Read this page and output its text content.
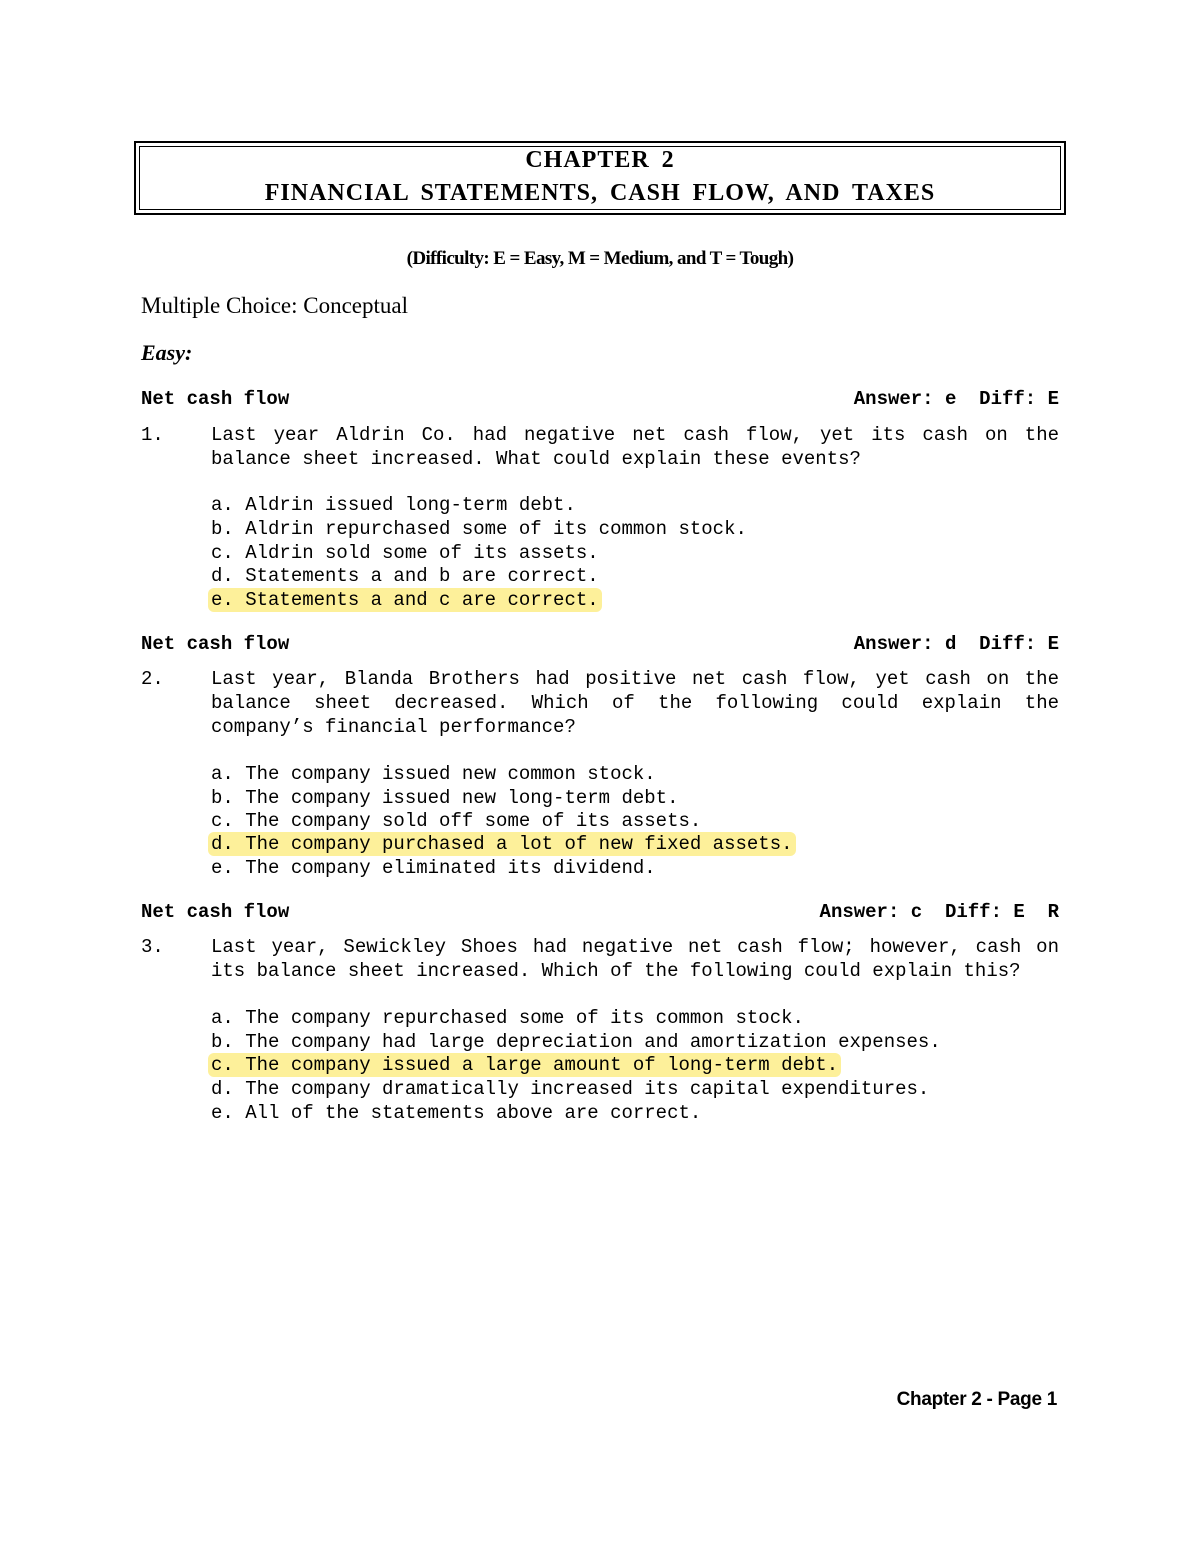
CHAPTER 2
FINANCIAL STATEMENTS, CASH FLOW, AND TAXES
(Difficulty: E = Easy, M = Medium, and T = Tough)
Multiple Choice: Conceptual
Easy:
Net cash flow	Answer: e  Diff: E
1. Last year Aldrin Co. had negative net cash flow, yet its cash on the
balance sheet increased. What could explain these events?
a. Aldrin issued long-term debt.
b. Aldrin repurchased some of its common stock.
c. Aldrin sold some of its assets.
d. Statements a and b are correct.
e. Statements a and c are correct.
Net cash flow	Answer: d  Diff: E
2. Last year, Blanda Brothers had positive net cash flow, yet cash on the
balance sheet decreased. Which of the following could explain the
company’s financial performance?
a. The company issued new common stock.
b. The company issued new long-term debt.
c. The company sold off some of its assets.
d. The company purchased a lot of new fixed assets.
e. The company eliminated its dividend.
Net cash flow	Answer: c  Diff: E  R
3. Last year, Sewickley Shoes had negative net cash flow; however, cash on
its balance sheet increased. Which of the following could explain this?
a. The company repurchased some of its common stock.
b. The company had large depreciation and amortization expenses.
c. The company issued a large amount of long-term debt.
d. The company dramatically increased its capital expenditures.
e. All of the statements above are correct.
Chapter 2 - Page 1
